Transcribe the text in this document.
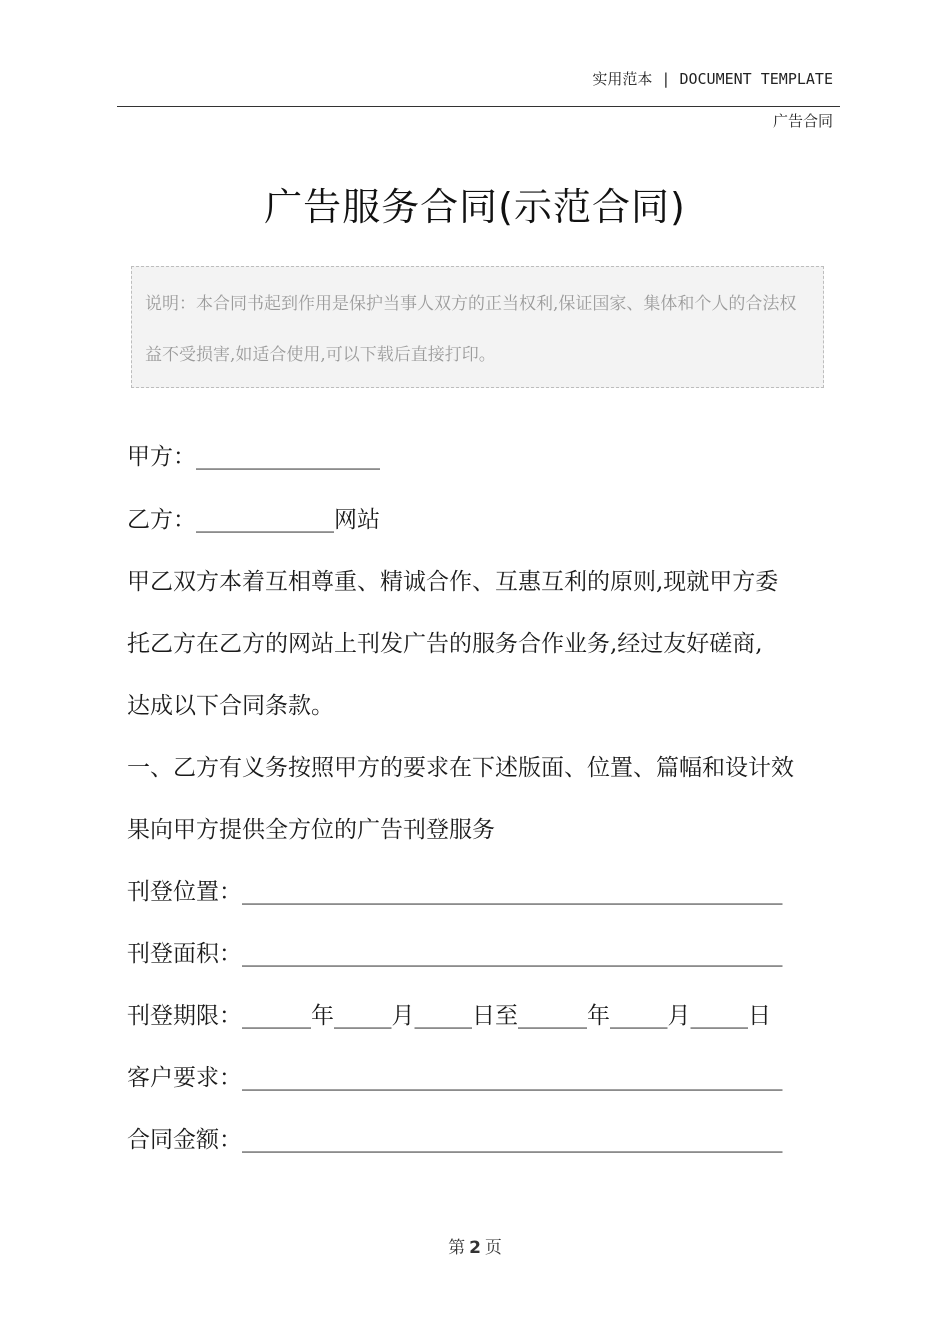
实用范本 | DOCUMENT TEMPLATE
广告合同
广告服务合同(示范合同)
说明：本合同书起到作用是保护当事人双方的正当权利,保证国家、集体和个人的合法权益不受损害,如适合使用,可以下载后直接打印。
甲方：________________
乙方：____________网站
甲乙双方本着互相尊重、精诚合作、互惠互利的原则,现就甲方委
托乙方在乙方的网站上刊发广告的服务合作业务,经过友好磋商,
达成以下合同条款。
一、乙方有义务按照甲方的要求在下述版面、位置、篇幅和设计效
果向甲方提供全方位的广告刊登服务
刊登位置：_______________________________________________
刊登面积：_______________________________________________
刊登期限：______年_____月_____日至______年_____月_____日
客户要求：_______________________________________________
合同金额：_______________________________________________
第 2 页
